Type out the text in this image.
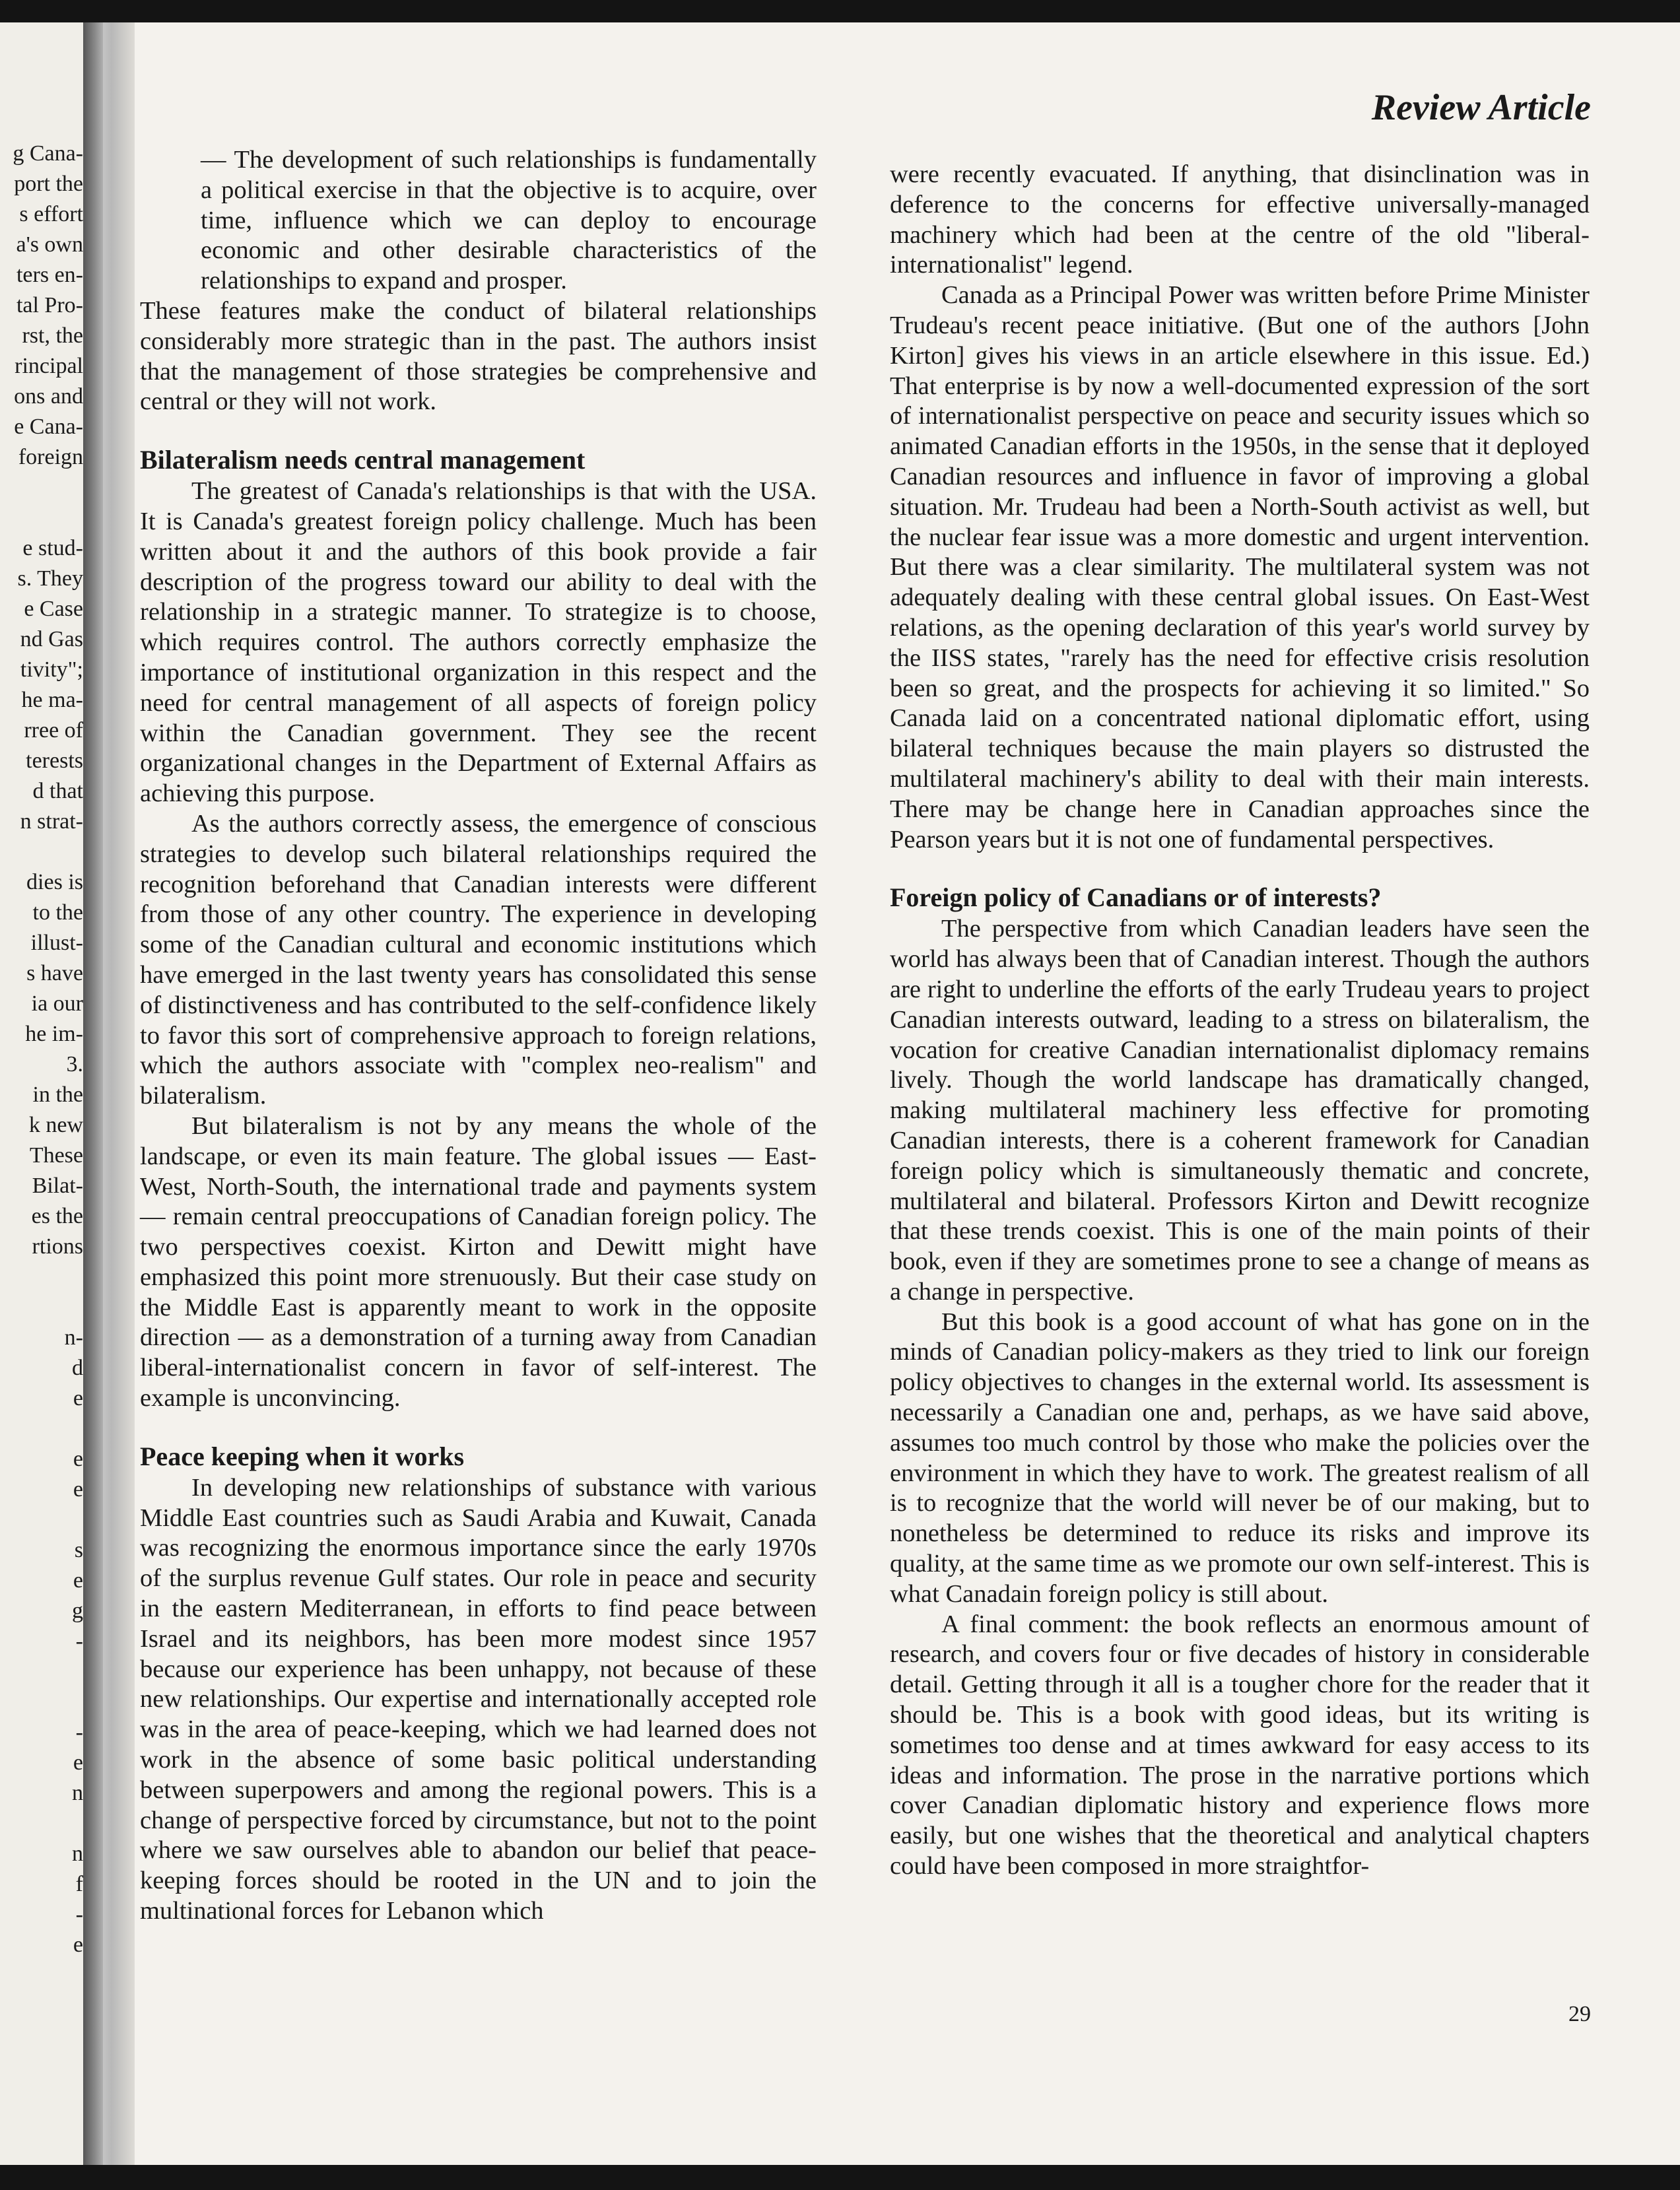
g Cana-
port the
s effort
a's own
ters en-
tal Pro-
rst, the
rincipal
ons and
e Cana-
foreign
e stud-
s. They
e Case
nd Gas
tivity";
he ma-
rree of
terests
d that
n strat-
dies is
to the
illust-
s have
ia our
he im-
3.
in the
k new
These
Bilat-
es the
rtions
n-
d
e
e
e
s
e
g
-
-
e
n
n
f
-
e
Review Article

— The development of such relationships is fundamentally a political exercise in that the objective is to acquire, over time, influence which we can deploy to encourage economic and other desirable characteristics of the relationships to expand and prosper.

These features make the conduct of bilateral relationships considerably more strategic than in the past. The authors insist that the management of those strategies be comprehensive and central or they will not work.

Bilateralism needs central management

The greatest of Canada's relationships is that with the USA. It is Canada's greatest foreign policy challenge. Much has been written about it and the authors of this book provide a fair description of the progress toward our ability to deal with the relationship in a strategic manner. To strategize is to choose, which requires control. The authors correctly emphasize the importance of institutional organization in this respect and the need for central management of all aspects of foreign policy within the Canadian government. They see the recent organizational changes in the Department of External Affairs as achieving this purpose.

As the authors correctly assess, the emergence of conscious strategies to develop such bilateral relationships required the recognition beforehand that Canadian interests were different from those of any other country. The experience in developing some of the Canadian cultural and economic institutions which have emerged in the last twenty years has consolidated this sense of distinctiveness and has contributed to the self-confidence likely to favor this sort of comprehensive approach to foreign relations, which the authors associate with "complex neo-realism" and bilateralism.

But bilateralism is not by any means the whole of the landscape, or even its main feature. The global issues — East-West, North-South, the international trade and payments system — remain central preoccupations of Canadian foreign policy. The two perspectives coexist. Kirton and Dewitt might have emphasized this point more strenuously. But their case study on the Middle East is apparently meant to work in the opposite direction — as a demonstration of a turning away from Canadian liberal-internationalist concern in favor of self-interest. The example is unconvincing.

Peace keeping when it works

In developing new relationships of substance with various Middle East countries such as Saudi Arabia and Kuwait, Canada was recognizing the enormous importance since the early 1970s of the surplus revenue Gulf states. Our role in peace and security in the eastern Mediterranean, in efforts to find peace between Israel and its neighbors, has been more modest since 1957 because our experience has been unhappy, not because of these new relationships. Our expertise and internationally accepted role was in the area of peace-keeping, which we had learned does not work in the absence of some basic political understanding between superpowers and among the regional powers. This is a change of perspective forced by circumstance, but not to the point where we saw ourselves able to abandon our belief that peace-keeping forces should be rooted in the UN and to join the multinational forces for Lebanon which

were recently evacuated. If anything, that disinclination was in deference to the concerns for effective universally-managed machinery which had been at the centre of the old "liberal-internationalist" legend.

Canada as a Principal Power was written before Prime Minister Trudeau's recent peace initiative. (But one of the authors [John Kirton] gives his views in an article elsewhere in this issue. Ed.) That enterprise is by now a well-documented expression of the sort of internationalist perspective on peace and security issues which so animated Canadian efforts in the 1950s, in the sense that it deployed Canadian resources and influence in favor of improving a global situation. Mr. Trudeau had been a North-South activist as well, but the nuclear fear issue was a more domestic and urgent intervention. But there was a clear similarity. The multilateral system was not adequately dealing with these central global issues. On East-West relations, as the opening declaration of this year's world survey by the IISS states, "rarely has the need for effective crisis resolution been so great, and the prospects for achieving it so limited." So Canada laid on a concentrated national diplomatic effort, using bilateral techniques because the main players so distrusted the multilateral machinery's ability to deal with their main interests. There may be change here in Canadian approaches since the Pearson years but it is not one of fundamental perspectives.

Foreign policy of Canadians or of interests?

The perspective from which Canadian leaders have seen the world has always been that of Canadian interest. Though the authors are right to underline the efforts of the early Trudeau years to project Canadian interests outward, leading to a stress on bilateralism, the vocation for creative Canadian internationalist diplomacy remains lively. Though the world landscape has dramatically changed, making multilateral machinery less effective for promoting Canadian interests, there is a coherent framework for Canadian foreign policy which is simultaneously thematic and concrete, multilateral and bilateral. Professors Kirton and Dewitt recognize that these trends coexist. This is one of the main points of their book, even if they are sometimes prone to see a change of means as a change in perspective.

But this book is a good account of what has gone on in the minds of Canadian policy-makers as they tried to link our foreign policy objectives to changes in the external world. Its assessment is necessarily a Canadian one and, perhaps, as we have said above, assumes too much control by those who make the policies over the environment in which they have to work. The greatest realism of all is to recognize that the world will never be of our making, but to nonetheless be determined to reduce its risks and improve its quality, at the same time as we promote our own self-interest. This is what Canadain foreign policy is still about.

A final comment: the book reflects an enormous amount of research, and covers four or five decades of history in considerable detail. Getting through it all is a tougher chore for the reader that it should be. This is a book with good ideas, but its writing is sometimes too dense and at times awkward for easy access to its ideas and information. The prose in the narrative portions which cover Canadian diplomatic history and experience flows more easily, but one wishes that the theoretical and analytical chapters could have been composed in more straightfor-

29
